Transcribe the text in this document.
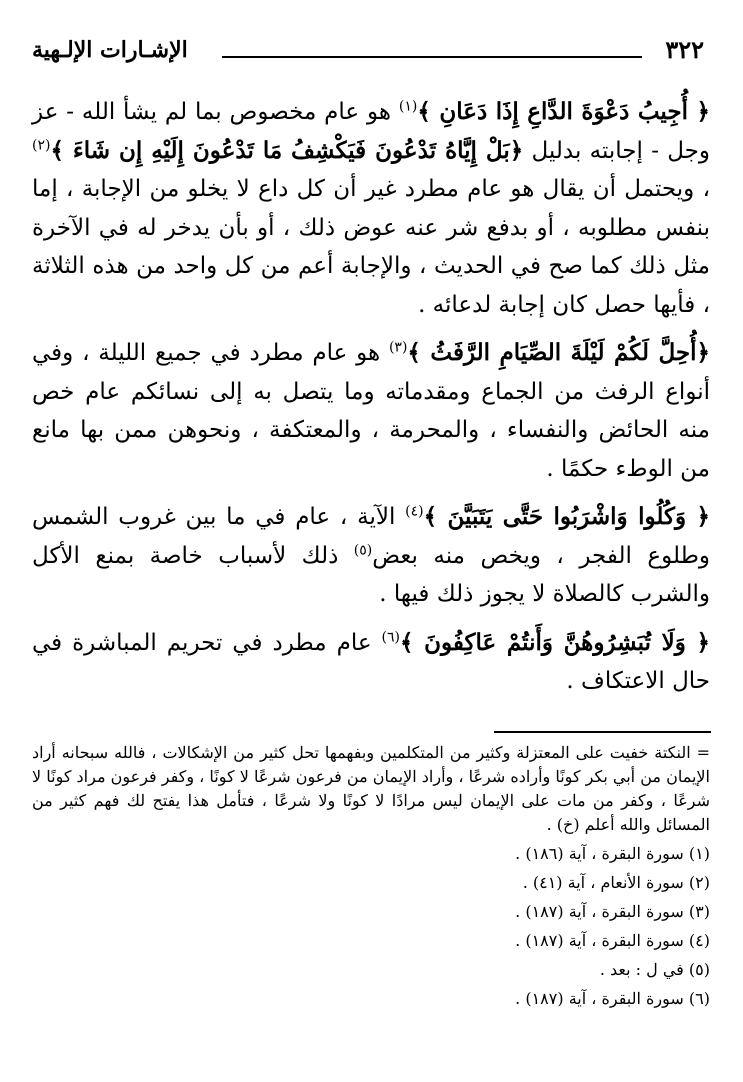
٣٢٢
الإشـارات الإلـهية

﴿ أُجِيبُ دَعْوَةَ الدَّاعِ إِذَا دَعَانِ ﴾$^{(١)}$ هو عام مخصوص بما لم يشأ الله - عز وجل - إجابته بدليل ﴿بَلْ إِيَّاهُ تَدْعُونَ فَيَكْشِفُ مَا تَدْعُونَ إِلَيْهِ إِن شَاءَ ﴾$^{(٢)}$ ، ويحتمل أن يقال هو عام مطرد غير أن كل داع لا يخلو من الإجابة ، إما بنفس مطلوبه ، أو بدفع شر عنه عوض ذلك ، أو بأن يدخر له في الآخرة مثل ذلك كما صح في الحديث ، والإجابة أعم من كل واحد من هذه الثلاثة ، فأيها حصل كان إجابة لدعائه .

﴿أُحِلَّ لَكُمْ لَيْلَةَ الصِّيَامِ الرَّفَثُ ﴾$^{(٣)}$ هو عام مطرد في جميع الليلة ، وفي أنواع الرفث من الجماع ومقدماته وما يتصل به إلى نسائكم عام خص منه الحائض والنفساء ، والمحرمة ، والمعتكفة ، ونحوهن ممن بها مانع من الوطء حكمًا .

﴿ وَكُلُوا وَاشْرَبُوا حَتَّى يَتَبَيَّنَ ﴾$^{(٤)}$ الآية ، عام في ما بين غروب الشمس وطلوع الفجر ، ويخص منه بعض$^{(٥)}$ ذلك لأسباب خاصة بمنع الأكل والشرب كالصلاة لا يجوز ذلك فيها .

﴿ وَلَا تُبَشِرُوهُنَّ وَأَنتُمْ عَاكِفُونَ ﴾$^{(٦)}$ عام مطرد في تحريم المباشرة في حال الاعتكاف .

= النكتة خفيت على المعتزلة وكثير من المتكلمين وبفهمها تحل كثير من الإشكالات ، فالله سبحانه أراد الإيمان من أبي بكر كونًا وأراده شرعًا ، وأراد الإيمان من فرعون شرعًا لا كونًا ، وكفر فرعون مراد كونًا لا شرعًا ، وكفر من مات على الإيمان ليس مرادًا لا كونًا ولا شرعًا ، فتأمل هذا يفتح لك فهم كثير من المسائل والله أعلم (خ) .

(١) سورة البقرة ، آية (١٨٦) .
(٢) سورة الأنعام ، آية (٤١) .
(٣) سورة البقرة ، آية (١٨٧) .
(٤) سورة البقرة ، آية (١٨٧) .
(٥) في ل : بعد .
(٦) سورة البقرة ، آية (١٨٧) .
